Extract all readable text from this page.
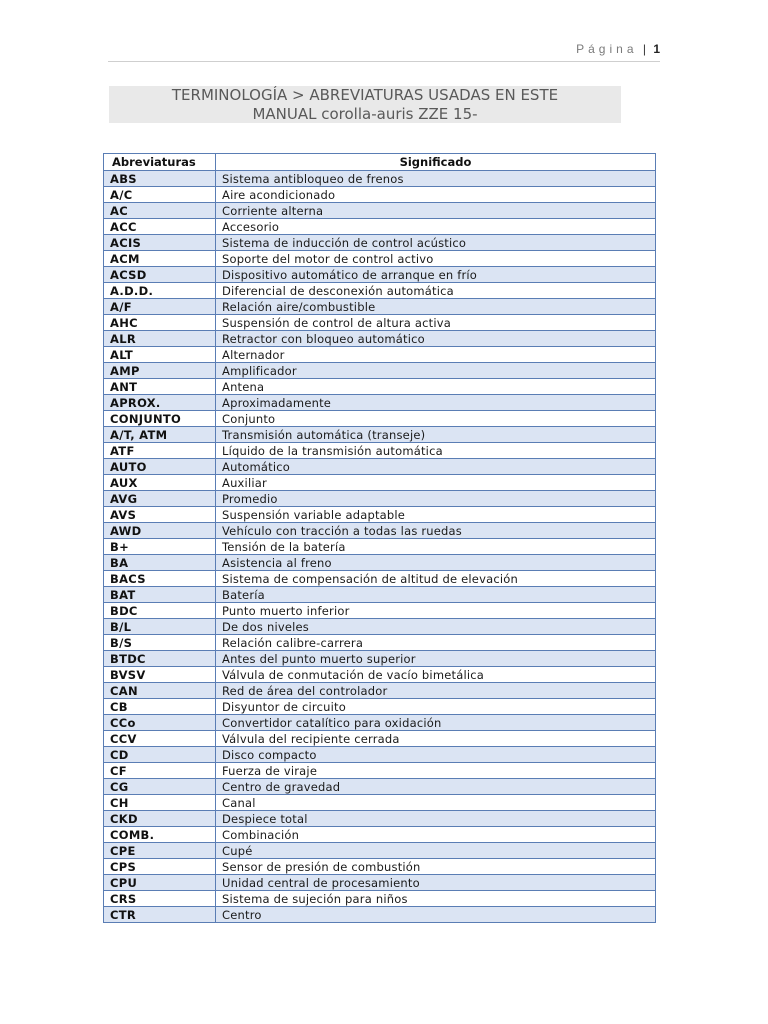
Página | 1
TERMINOLOGÍA > ABREVIATURAS USADAS EN ESTE
MANUAL corolla-auris ZZE 15-
Abreviaturas	Significado
ABS	Sistema antibloqueo de frenos
A/C	Aire acondicionado
AC	Corriente alterna
ACC	Accesorio
ACIS	Sistema de inducción de control acústico
ACM	Soporte del motor de control activo
ACSD	Dispositivo automático de arranque en frío
A.D.D.	Diferencial de desconexión automática
A/F	Relación aire/combustible
AHC	Suspensión de control de altura activa
ALR	Retractor con bloqueo automático
ALT	Alternador
AMP	Amplificador
ANT	Antena
APROX.	Aproximadamente
CONJUNTO	Conjunto
A/T, ATM	Transmisión automática (transeje)
ATF	Líquido de la transmisión automática
AUTO	Automático
AUX	Auxiliar
AVG	Promedio
AVS	Suspensión variable adaptable
AWD	Vehículo con tracción a todas las ruedas
B+	Tensión de la batería
BA	Asistencia al freno
BACS	Sistema de compensación de altitud de elevación
BAT	Batería
BDC	Punto muerto inferior
B/L	De dos niveles
B/S	Relación calibre-carrera
BTDC	Antes del punto muerto superior
BVSV	Válvula de conmutación de vacío bimetálica
CAN	Red de área del controlador
CB	Disyuntor de circuito
CCo	Convertidor catalítico para oxidación
CCV	Válvula del recipiente cerrada
CD	Disco compacto
CF	Fuerza de viraje
CG	Centro de gravedad
CH	Canal
CKD	Despiece total
COMB.	Combinación
CPE	Cupé
CPS	Sensor de presión de combustión
CPU	Unidad central de procesamiento
CRS	Sistema de sujeción para niños
CTR	Centro
